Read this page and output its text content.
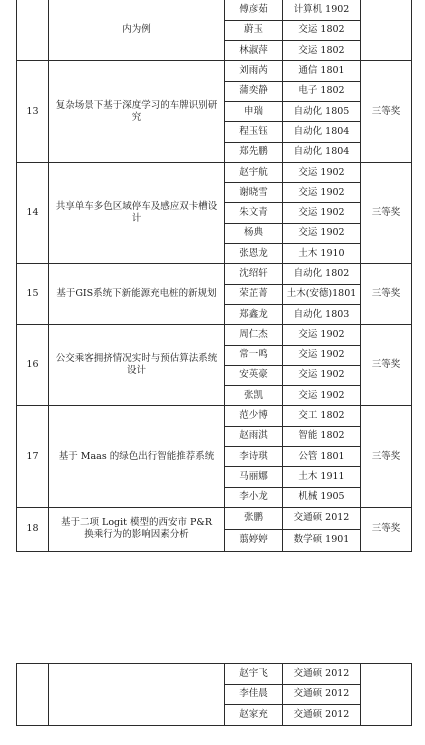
	内为例	傅彦茹	计算机 1902	
		蔚玉	交运 1802	
		林淑萍	交运 1802	
13	复杂场景下基于深度学习的车牌识别研究	刘雨芮	通信 1801	三等奖
		蒲奕静	电子 1802	
		申瑞	自动化 1805	
		程玉钰	自动化 1804	
		郑先鹏	自动化 1804	
14	共享单车多色区域停车及感应双卡槽设计	赵宇航	交运 1902	三等奖
		谢晓雪	交运 1902	
		朱文青	交运 1902	
		杨典	交运 1902	
		张恩龙	土木 1910	
15	基于GIS系统下新能源充电桩的新规划	沈绍轩	自动化 1802	三等奖
		荣芷菁	土木(安德)1801	
		郑鑫龙	自动化 1803	
16	公交乘客拥挤情况实时与预估算法系统设计	周仁杰	交运 1902	三等奖
		常一鸣	交运 1902	
		安英豪	交运 1902	
		张凯	交运 1902	
17	基于 Maas 的绿色出行智能推荐系统	范少博	交工 1802	三等奖
		赵雨淇	智能 1802	
		李诗琪	公管 1801	
		马丽娜	土木 1911	
		李小龙	机械 1905	
18	基于二项 Logit 模型的西安市 P&R 换乘行为的影响因素分析	张鹏	交通硕 2012	三等奖
		翦婷婷	数学硕 1901	
		赵宇飞	交通硕 2012	
		李佳晨	交通硕 2012	
		赵家充	交通硕 2012	
